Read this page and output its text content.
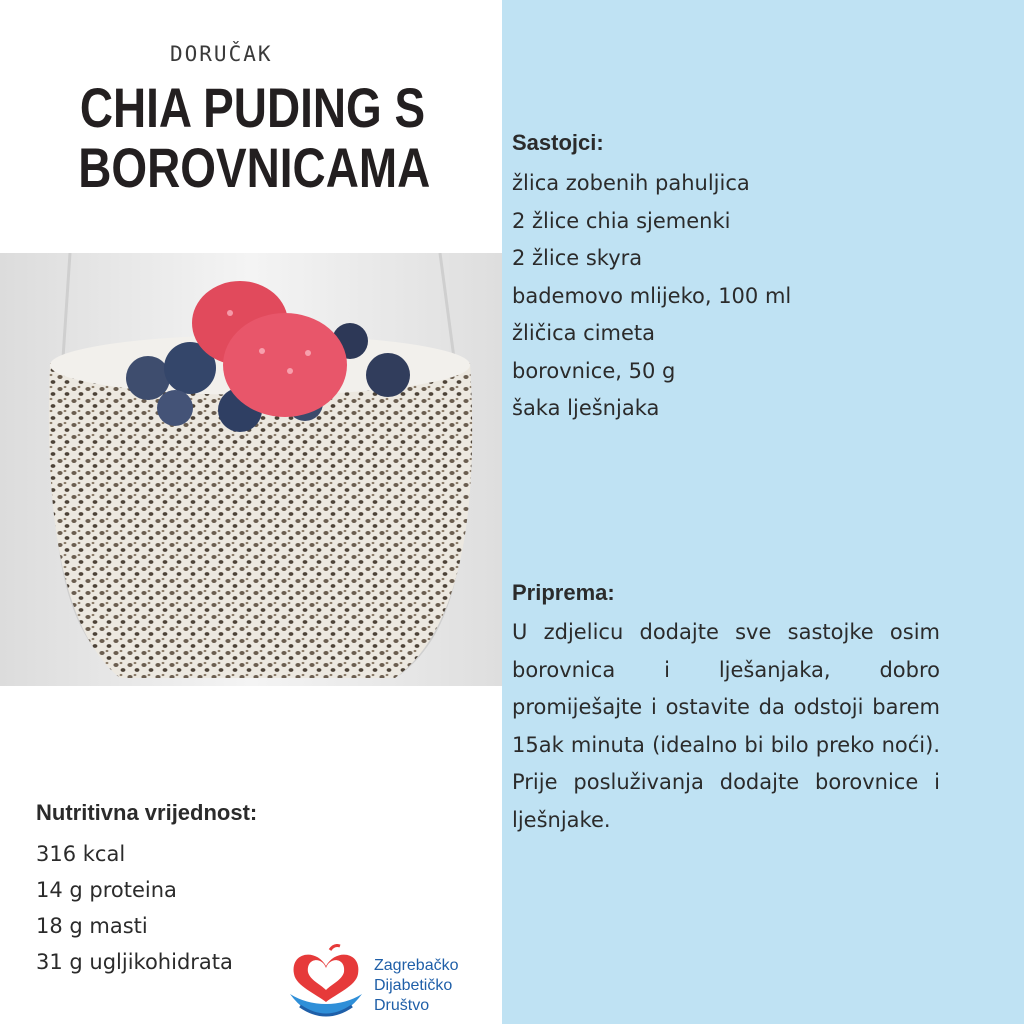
DORUČAK
CHIA PUDING S
BOROVNICAMA	Sastojci:
žlica zobenih pahuljica
2 žlice chia sjemenki
2 žlice skyra
bademovo mlijeko, 100 ml
žličica cimeta
borovnice, 50 g
šaka lješnjaka
Priprema:
U zdjelicu dodajte sve sastojke osim borovnica i lješanjaka, dobro promiješajte i ostavite da odstoji barem 15ak minuta (idealno bi bilo preko noći). Prije posluživanja dodajte borovnice i lješnjake.
Nutritivna vrijednost:
316 kcal
14 g proteina
18 g masti
31 g ugljikohidrata	Zagrebačko
Dijabetičko
Društvo
